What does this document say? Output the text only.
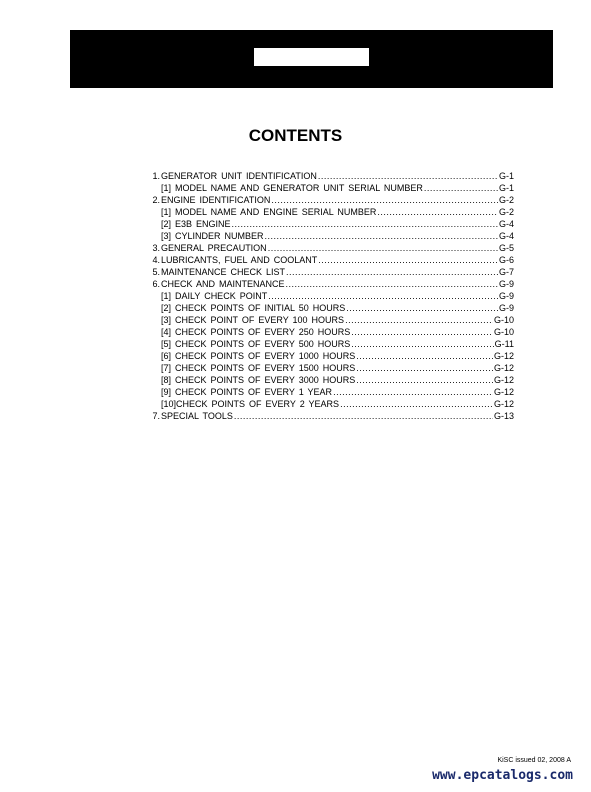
CONTENTS
1. GENERATOR UNIT IDENTIFICATION .....	G-1
[1] MODEL NAME AND GENERATOR UNIT SERIAL NUMBER .....	G-1
2. ENGINE IDENTIFICATION .....	G-2
[1] MODEL NAME AND ENGINE SERIAL NUMBER .....	G-2
[2] E3B ENGINE .....	G-4
[3] CYLINDER NUMBER .....	G-4
3. GENERAL PRECAUTION .....	G-5
4. LUBRICANTS, FUEL AND COOLANT .....	G-6
5. MAINTENANCE CHECK LIST .....	G-7
6. CHECK AND MAINTENANCE .....	G-9
[1] DAILY CHECK POINT .....	G-9
[2] CHECK POINTS OF INITIAL 50 HOURS .....	G-9
[3] CHECK POINT OF EVERY 100 HOURS .....	G-10
[4] CHECK POINTS OF EVERY 250 HOURS .....	G-10
[5] CHECK POINTS OF EVERY 500 HOURS .....	G-11
[6] CHECK POINTS OF EVERY 1000 HOURS .....	G-12
[7] CHECK POINTS OF EVERY 1500 HOURS .....	G-12
[8] CHECK POINTS OF EVERY 3000 HOURS .....	G-12
[9] CHECK POINTS OF EVERY 1 YEAR .....	G-12
[10]CHECK POINTS OF EVERY 2 YEARS .....	G-12
7. SPECIAL TOOLS .....	G-13
KiSC issued 02, 2008 A
www.epcatalogs.com
